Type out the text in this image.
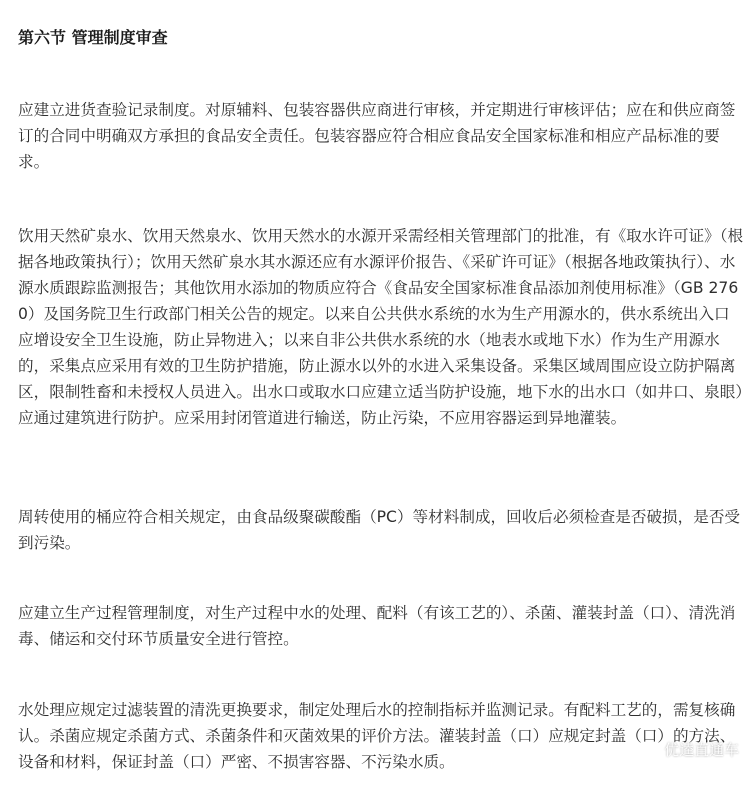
第六节 管理制度审查

应建立进货查验记录制度。对原辅料、包装容器供应商进行审核，并定期进行审核评估；应在和供应商签订的合同中明确双方承担的食品安全责任。包装容器应符合相应食品安全国家标准和相应产品标准的要求。

饮用天然矿泉水、饮用天然泉水、饮用天然水的水源开采需经相关管理部门的批准，有《取水许可证》（根据各地政策执行）；饮用天然矿泉水其水源还应有水源评价报告、《采矿许可证》（根据各地政策执行）、水源水质跟踪监测报告；其他饮用水添加的物质应符合《食品安全国家标准食品添加剂使用标准》（GB 2760）及国务院卫生行政部门相关公告的规定。以来自公共供水系统的水为生产用源水的，供水系统出入口应增设安全卫生设施，防止异物进入；以来自非公共供水系统的水（地表水或地下水）作为生产用源水的，采集点应采用有效的卫生防护措施，防止源水以外的水进入采集设备。采集区域周围应设立防护隔离区，限制牲畜和未授权人员进入。出水口或取水口应建立适当防护设施，地下水的出水口（如井口、泉眼）应通过建筑进行防护。应采用封闭管道进行输送，防止污染，不应用容器运到异地灌装。

周转使用的桶应符合相关规定，由食品级聚碳酸酯（PC）等材料制成，回收后必须检查是否破损，是否受到污染。

应建立生产过程管理制度，对生产过程中水的处理、配料（有该工艺的）、杀菌、灌装封盖（口）、清洗消毒、储运和交付环节质量安全进行管控。

水处理应规定过滤装置的清洗更换要求，制定处理后水的控制指标并监测记录。有配料工艺的，需复核确认。杀菌应规定杀菌方式、杀菌条件和灭菌效果的评价方法。灌装封盖（口）应规定封盖（口）的方法、设备和材料，保证封盖（口）严密、不损害容器、不污染水质。

优逵直通车
